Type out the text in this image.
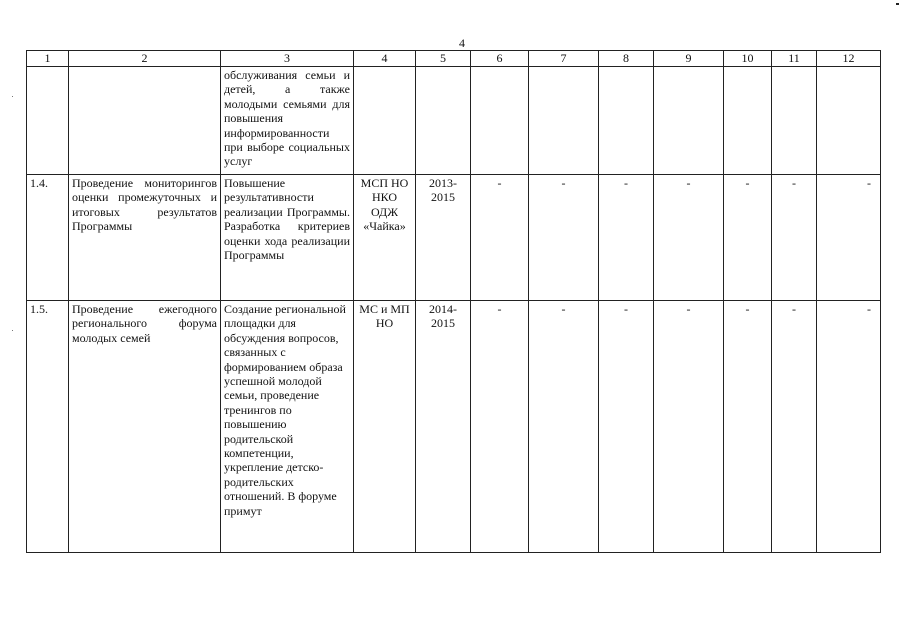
4
1	2	3	4	5	6	7	8	9	10	11	12
		обслуживания семьи и детей, а также молодыми семьями для повышения информированности при выборе социальных услуг									
1.4.	Проведение мониторингов оценки промежуточных и итоговых результатов Программы	Повышение результативности реализации Программы. Разработка критериев оценки хода реализации Программы	МСП НО НКО ОДЖ «Чайка»	2013-2015	-	-	-	-	-	-	-

1.5.	Проведение ежегодного регионального форума молодых семей	Создание региональной площадки для обсуждения вопросов, связанных с формированием образа успешной молодой семьи, проведение тренингов по повышению родительской компетенции, укрепление детско-родительских отношений. В форуме примут	МС и МП НО	2014-2015	-	-	-	-	-	-	-
